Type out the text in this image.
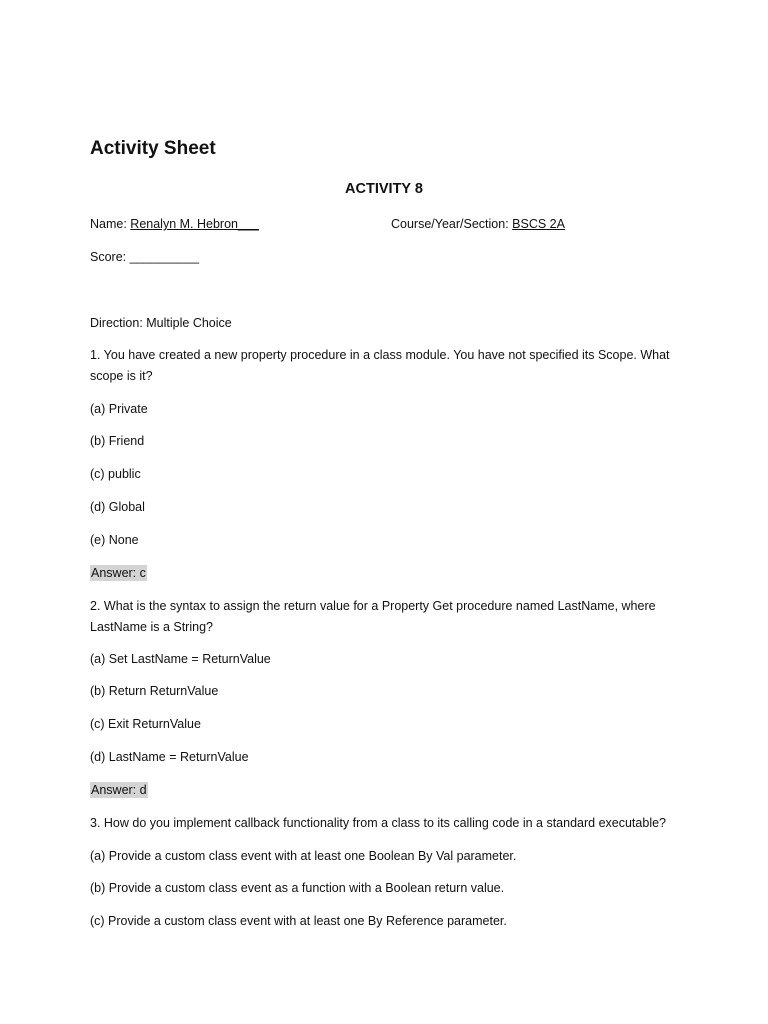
Activity Sheet
ACTIVITY 8
Name: Renalyn M. Hebron___	Course/Year/Section: BSCS 2A
Score: __________
Direction: Multiple Choice
1. You have created a new property procedure in a class module. You have not specified its Scope. What scope is it?
(a) Private
(b) Friend
(c) public
(d) Global
(e) None
Answer: c
2. What is the syntax to assign the return value for a Property Get procedure named LastName, where LastName is a String?
(a) Set LastName = ReturnValue
(b) Return ReturnValue
(c) Exit ReturnValue
(d) LastName = ReturnValue
Answer: d
3. How do you implement callback functionality from a class to its calling code in a standard executable?
(a) Provide a custom class event with at least one Boolean By Val parameter.
(b) Provide a custom class event as a function with a Boolean return value.
(c) Provide a custom class event with at least one By Reference parameter.
